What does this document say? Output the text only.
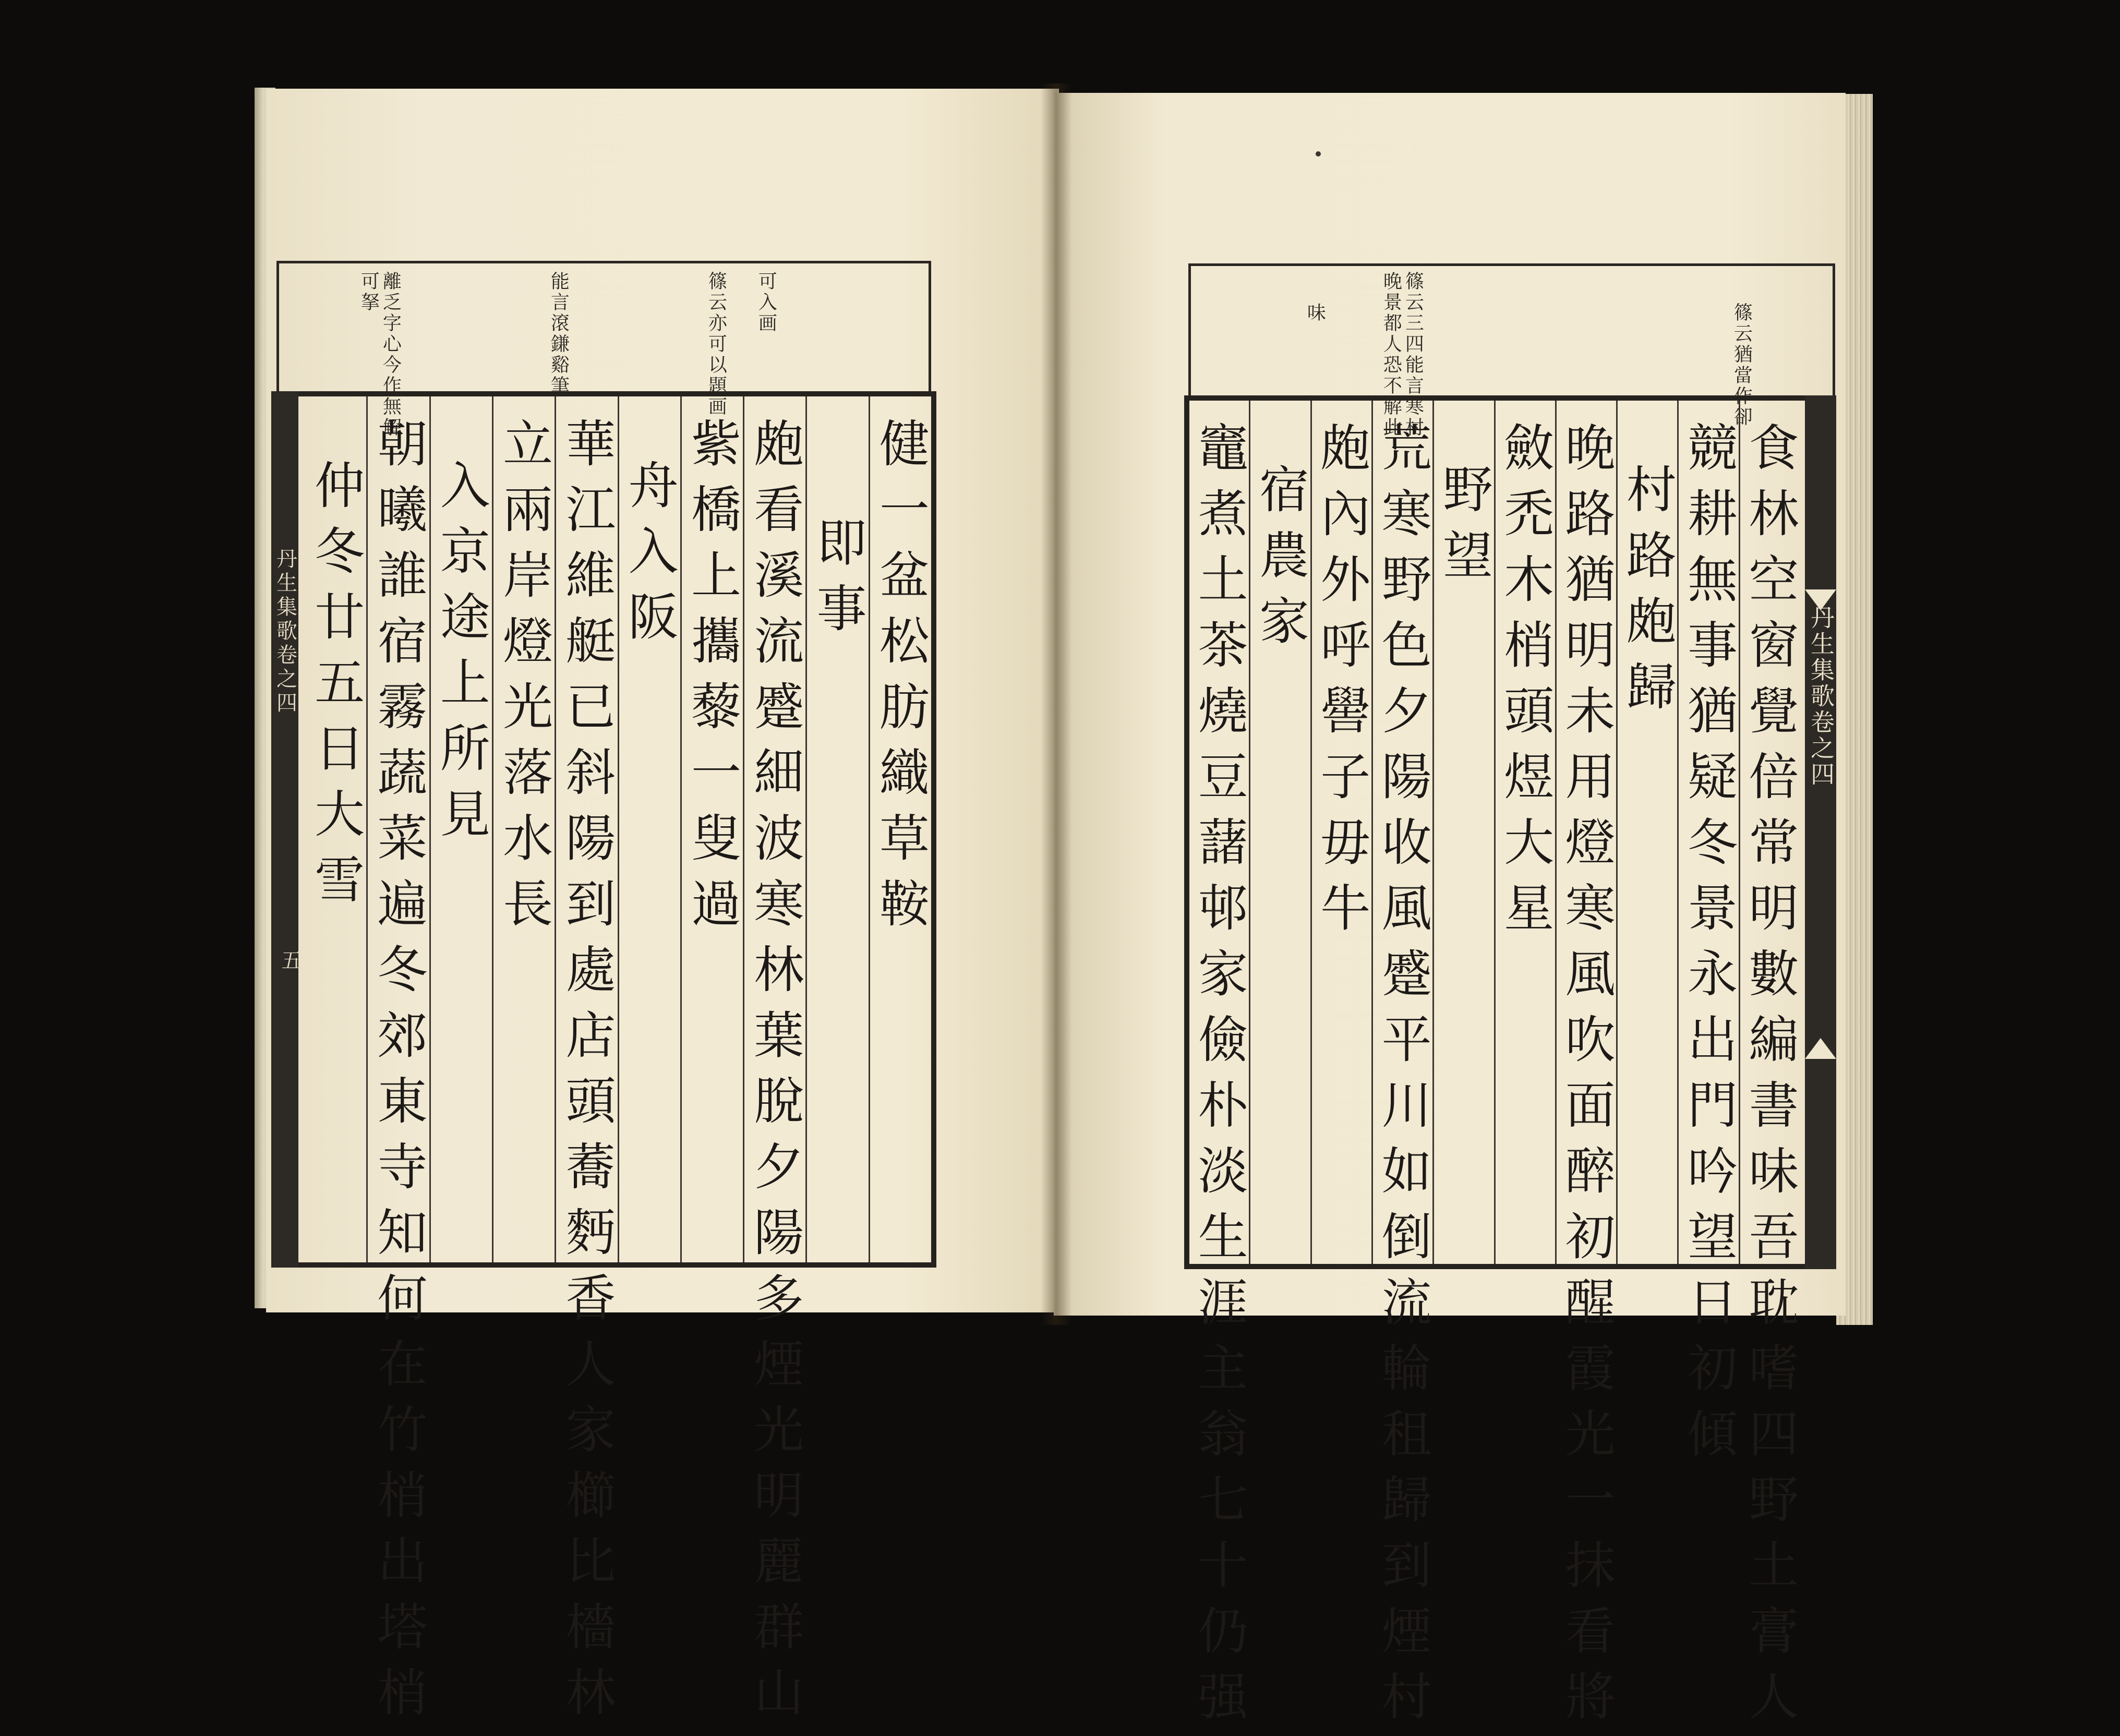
可入画
篠云亦可以題画
能言滾鎌谿筆
離乏字心今作無解
可拏
健一盆松肪織草鞍
即事
皰看溪流蹙細波寒林葉脫夕陽多煙光明麗群山
紫橋上攜藜一叟過
舟入阪
華江維艇已斜陽到處店頭蕎麪香人家櫛比檣林
立兩岸燈光落水長
入京途上所見
朝曦誰宿霧蔬菜遍冬郊東寺知何在竹梢出塔梢
仲冬廿五日大雪
丹生集歌卷之四
五
篠云猶當作卻
篠云三四能言寒村
晚景都人恐不解此
味
食林空窗覺倍常明數編書味吾耽嗜四野土膏人
競耕無事猶疑冬景永出門吟望日初傾
村路皰歸
晚路猶明未用燈寒風吹面醉初醒霞光一抹看將
斂禿木梢頭煜大星
野望
荒寒野色夕陽收風蹙平川如倒流輪租歸到煙村
皰內外呼嚳子毋牛
宿農家
竈煮土茶燒豆藷邨家儉朴淡生涯主翁七十仍强	丹生集歌卷之四
